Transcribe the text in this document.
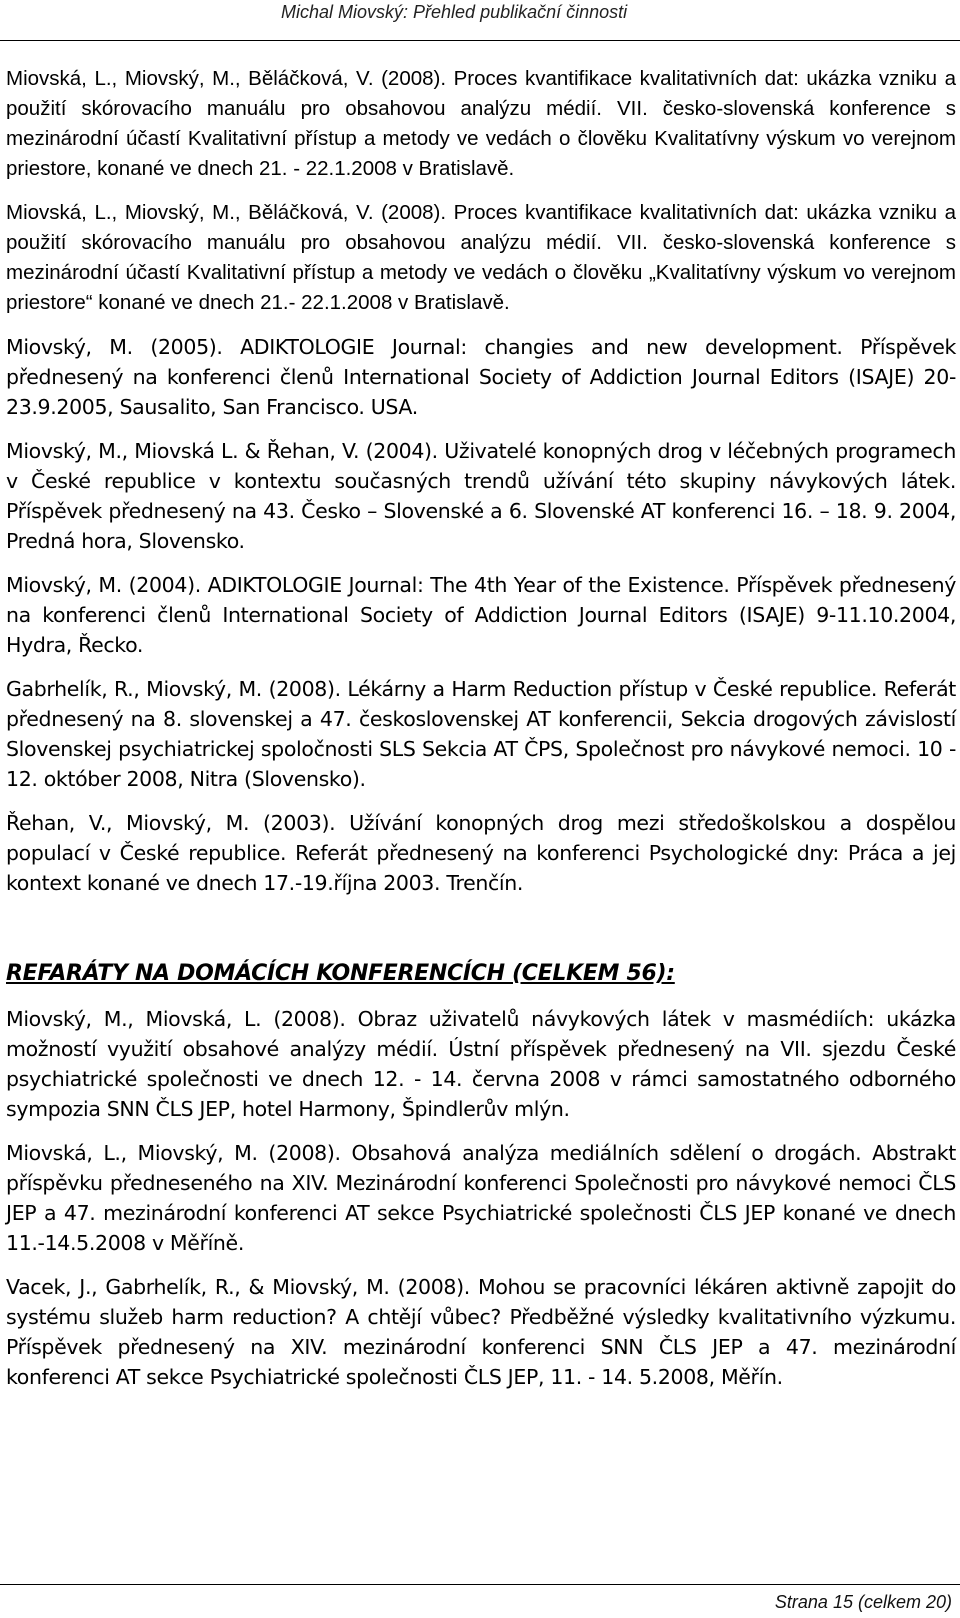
Michal Miovský: Přehled publikační činnosti

Miovská, L., Miovský, M., Běláčková, V. (2008). Proces kvantifikace kvalitativních dat: ukázka vzniku a použití skórovacího manuálu pro obsahovou analýzu médií. VII. česko-slovenská konference s mezinárodní účastí Kvalitativní přístup a metody ve vedách o člověku Kvalitatívny výskum vo verejnom priestore, konané ve dnech 21. - 22.1.2008 v Bratislavě.

Miovská, L., Miovský, M., Běláčková, V. (2008). Proces kvantifikace kvalitativních dat: ukázka vzniku a použití skórovacího manuálu pro obsahovou analýzu médií. VII. česko-slovenská konference s mezinárodní účastí Kvalitativní přístup a metody ve vedách o člověku „Kvalitatívny výskum vo verejnom priestore“ konané ve dnech 21.- 22.1.2008 v Bratislavě.

Miovský, M. (2005). ADIKTOLOGIE Journal: changies and new development. Příspěvek přednesený na konferenci členů International Society of Addiction Journal Editors (ISAJE) 20-23.9.2005, Sausalito, San Francisco. USA.

Miovský, M., Miovská L. & Řehan, V. (2004). Uživatelé konopných drog v léčebných programech v České republice v kontextu současných trendů užívání této skupiny návykových látek. Příspěvek přednesený na 43. Česko – Slovenské a 6. Slovenské AT konferenci 16. – 18. 9. 2004, Predná hora, Slovensko.

Miovský, M. (2004). ADIKTOLOGIE Journal: The 4th Year of the Existence. Příspěvek přednesený na konferenci členů International Society of Addiction Journal Editors (ISAJE) 9-11.10.2004, Hydra, Řecko.

Gabrhelík, R., Miovský, M. (2008). Lékárny a Harm Reduction přístup v České republice. Referát přednesený na 8. slovenskej a 47. československej AT konferencii, Sekcia drogových závislostí Slovenskej psychiatrickej spoločnosti SLS Sekcia AT ČPS, Společnost pro návykové nemoci. 10 - 12. október 2008, Nitra (Slovensko).

Řehan, V., Miovský, M. (2003). Užívání konopných drog mezi středoškolskou a dospělou populací v České republice. Referát přednesený na konferenci Psychologické dny: Práca a jej kontext konané ve dnech 17.-19.října 2003. Trenčín.

REFARÁTY NA DOMÁCÍCH KONFERENCÍCH (CELKEM 56):

Miovský, M., Miovská, L. (2008). Obraz uživatelů návykových látek v masmédiích: ukázka možností využití obsahové analýzy médií. Ústní příspěvek přednesený na VII. sjezdu České psychiatrické společnosti ve dnech 12. - 14. června 2008 v rámci samostatného odborného sympozia SNN ČLS JEP, hotel Harmony, Špindlerův mlýn.

Miovská, L., Miovský, M. (2008). Obsahová analýza mediálních sdělení o drogách. Abstrakt příspěvku předneseného na XIV. Mezinárodní konferenci Společnosti pro návykové nemoci ČLS JEP a 47. mezinárodní konferenci AT sekce Psychiatrické společnosti ČLS JEP konané ve dnech 11.-14.5.2008 v Měříně.

Vacek, J., Gabrhelík, R., & Miovský, M. (2008). Mohou se pracovníci lékáren aktivně zapojit do systému služeb harm reduction? A chtějí vůbec? Předběžné výsledky kvalitativního výzkumu. Příspěvek přednesený na XIV. mezinárodní konferenci SNN ČLS JEP a 47. mezinárodní konferenci AT sekce Psychiatrické společnosti ČLS JEP, 11. - 14. 5.2008, Měřín.

Strana 15 (celkem 20)
